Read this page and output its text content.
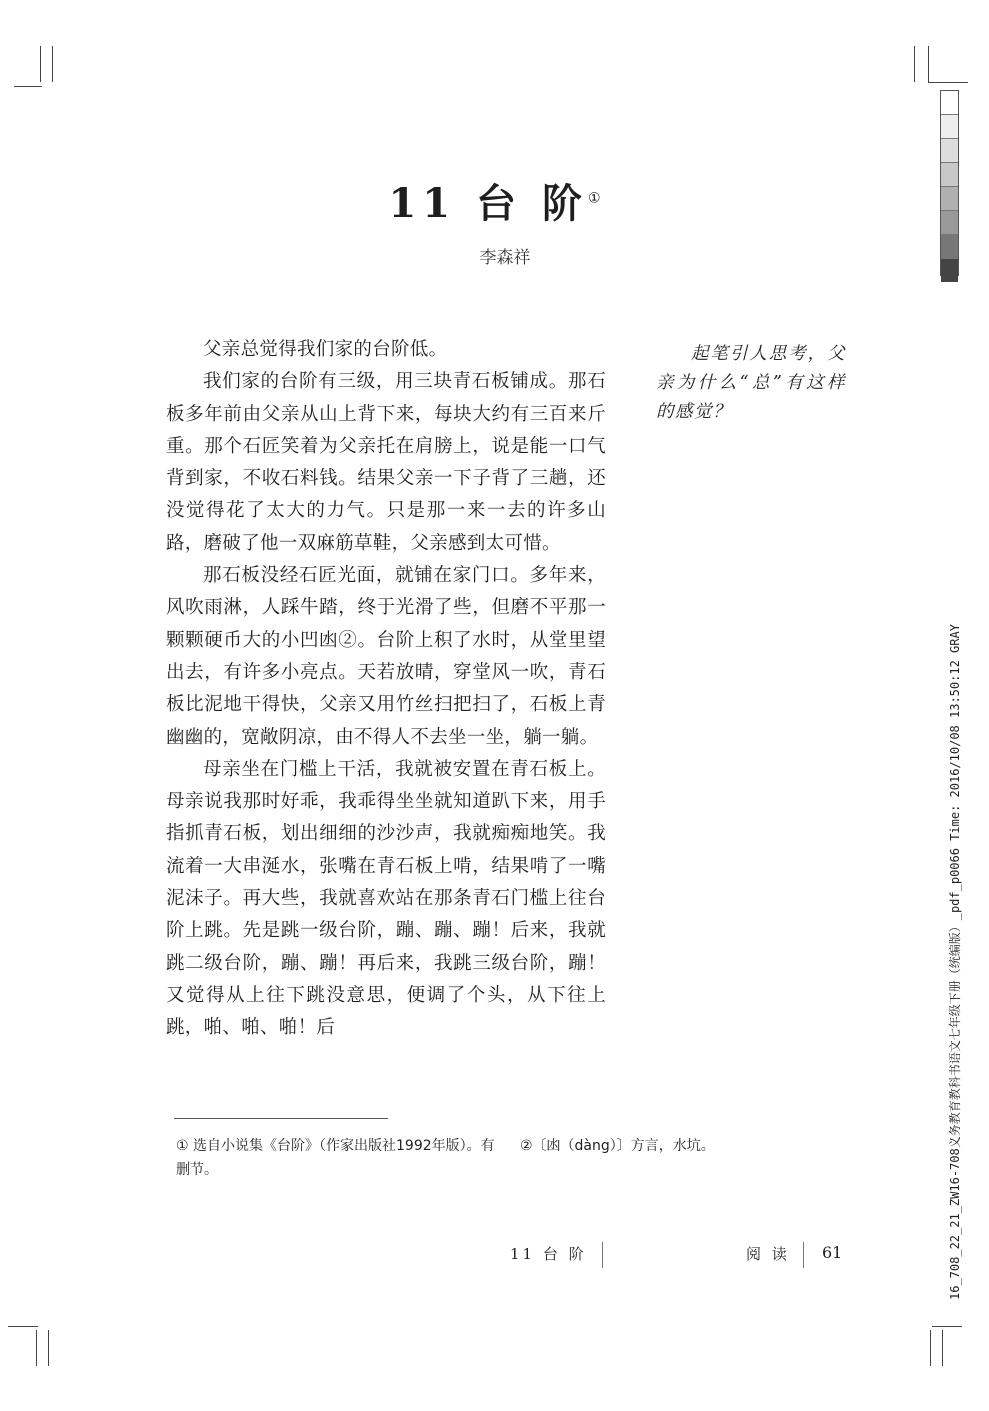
11 台 阶①
李森祥

父亲总觉得我们家的台阶低。

我们家的台阶有三级，用三块青石板铺成。那石板多年前由父亲从山上背下来，每块大约有三百来斤重。那个石匠笑着为父亲托在肩膀上，说是能一口气背到家，不收石料钱。结果父亲一下子背了三趟，还没觉得花了太大的力气。只是那一来一去的许多山路，磨破了他一双麻筋草鞋，父亲感到太可惜。

那石板没经石匠光面，就铺在家门口。多年来，风吹雨淋，人踩牛踏，终于光滑了些，但磨不平那一颗颗硬币大的小凹凼②。台阶上积了水时，从堂里望出去，有许多小亮点。天若放晴，穿堂风一吹，青石板比泥地干得快，父亲又用竹丝扫把扫了，石板上青幽幽的，宽敞阴凉，由不得人不去坐一坐，躺一躺。

母亲坐在门槛上干活，我就被安置在青石板上。母亲说我那时好乖，我乖得坐坐就知道趴下来，用手指抓青石板，划出细细的沙沙声，我就痴痴地笑。我流着一大串涎水，张嘴在青石板上啃，结果啃了一嘴泥沫子。再大些，我就喜欢站在那条青石门槛上往台阶上跳。先是跳一级台阶，蹦、蹦、蹦！后来，我就跳二级台阶，蹦、蹦！再后来，我跳三级台阶，蹦！又觉得从上往下跳没意思，便调了个头，从下往上跳，啪、啪、啪！后

起笔引人思考，父亲为什么“总”有这样的感觉？

① 选自小说集《台阶》（作家出版社1992年版）。有删节。
②〔凼（dàng）〕方言，水坑。
11 台 阶	阅 读 61	16_708_22_21_ZW16-708义务教育教科书语文七年级下册（统编版）_pdf_p0066 Time: 2016/10/08 13:50:12 GRAY
